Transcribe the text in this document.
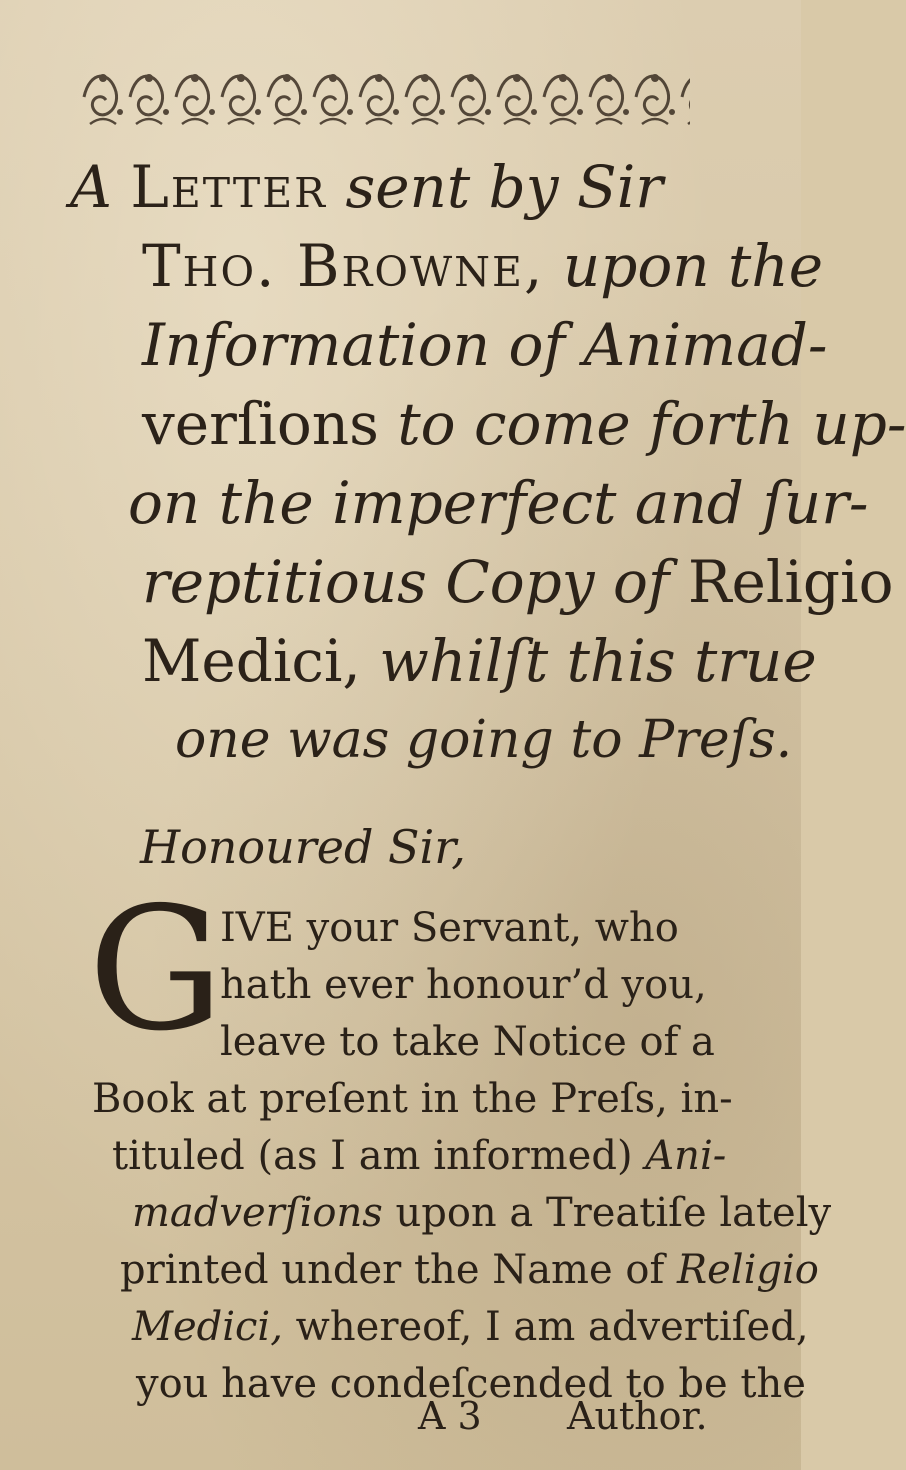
A Letter sent by Sir
Tho. Browne, upon the
Information of Animad-
verſions to come forth up-
on the imperfect and ſur-
reptitious Copy of Religio
Medici, whilſt this true
one was going to Preſs.
Honoured Sir,
G
IVE your Servant, who
hath ever honour’d you,
leave to take Notice of a
Book at preſent in the Preſs, in-
tituled (as I am informed) Ani-
madverſions upon a Treatiſe lately
printed under the Name of Religio
Medici, whereof, I am advertiſed,
you have condeſcended to be the
A 3 Author.
